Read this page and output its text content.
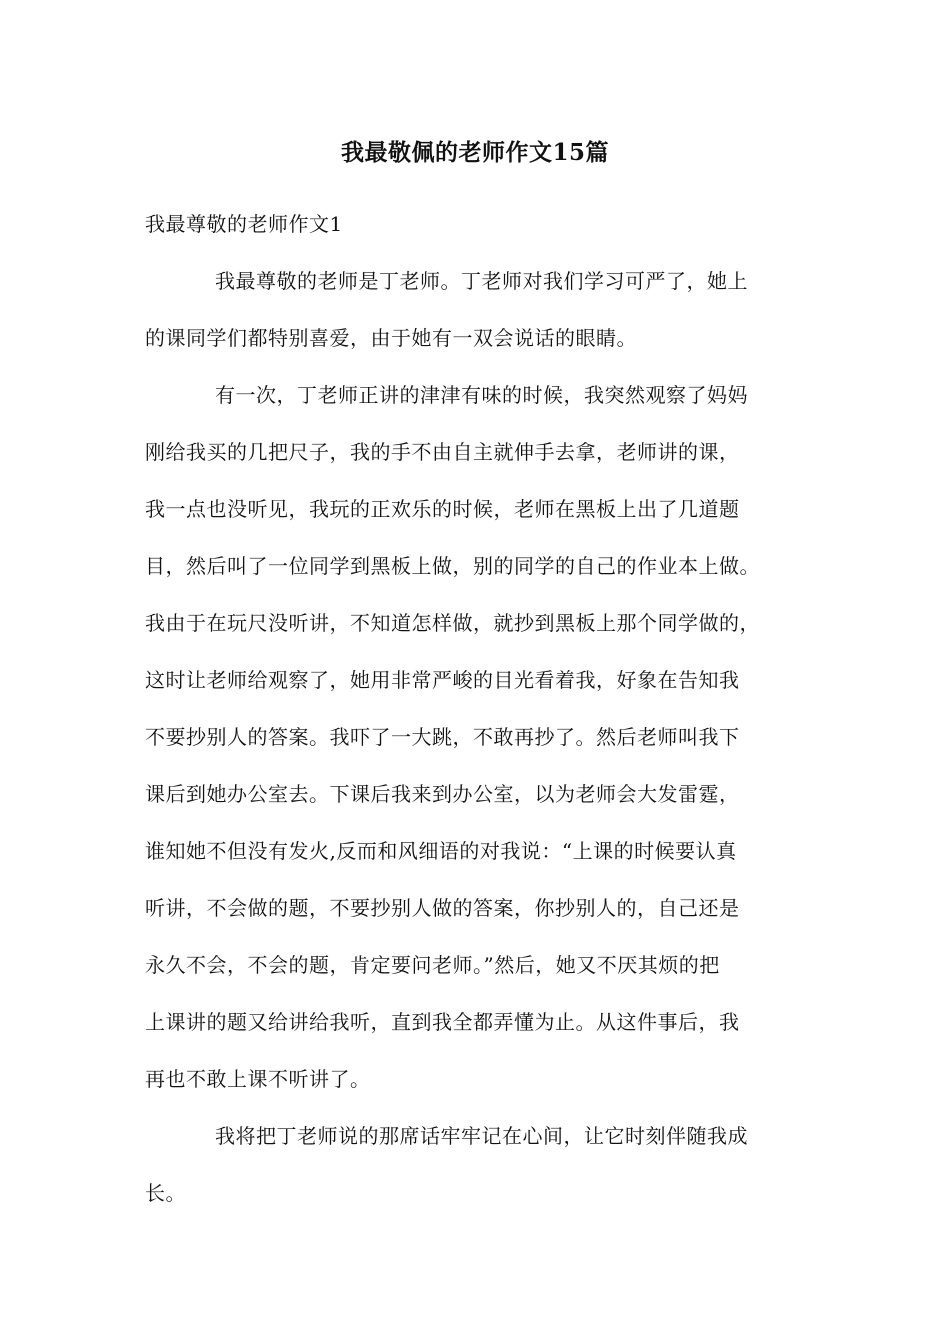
我最敬佩的老师作文15篇
我最尊敬的老师作文1
我最尊敬的老师是丁老师。丁老师对我们学习可严了，她上
的课同学们都特别喜爱，由于她有一双会说话的眼睛。
有一次，丁老师正讲的津津有味的时候，我突然观察了妈妈
刚给我买的几把尺子，我的手不由自主就伸手去拿，老师讲的课，
我一点也没听见，我玩的正欢乐的时候，老师在黑板上出了几道题
目，然后叫了一位同学到黑板上做，别的同学的自己的作业本上做。
我由于在玩尺没听讲，不知道怎样做，就抄到黑板上那个同学做的，
这时让老师给观察了，她用非常严峻的目光看着我，好象在告知我
不要抄别人的答案。我吓了一大跳，不敢再抄了。然后老师叫我下
课后到她办公室去。下课后我来到办公室，以为老师会大发雷霆，
谁知她不但没有发火,反而和风细语的对我说：“上课的时候要认真
听讲，不会做的题，不要抄别人做的答案，你抄别人的，自己还是
永久不会，不会的题，肯定要问老师。”然后，她又不厌其烦的把
上课讲的题又给讲给我听，直到我全都弄懂为止。从这件事后，我
再也不敢上课不听讲了。
我将把丁老师说的那席话牢牢记在心间，让它时刻伴随我成
长。
